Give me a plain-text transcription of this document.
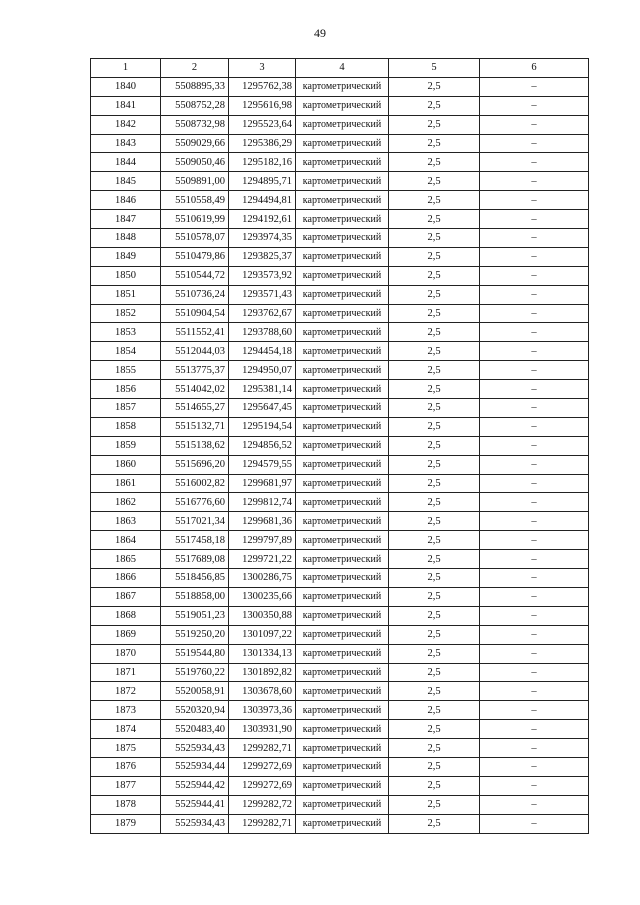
49
1	2	3	4	5	6
1840	5508895,33	1295762,38	картометрический	2,5	–
1841	5508752,28	1295616,98	картометрический	2,5	–
1842	5508732,98	1295523,64	картометрический	2,5	–
1843	5509029,66	1295386,29	картометрический	2,5	–
1844	5509050,46	1295182,16	картометрический	2,5	–
1845	5509891,00	1294895,71	картометрический	2,5	–
1846	5510558,49	1294494,81	картометрический	2,5	–
1847	5510619,99	1294192,61	картометрический	2,5	–
1848	5510578,07	1293974,35	картометрический	2,5	–
1849	5510479,86	1293825,37	картометрический	2,5	–
1850	5510544,72	1293573,92	картометрический	2,5	–
1851	5510736,24	1293571,43	картометрический	2,5	–
1852	5510904,54	1293762,67	картометрический	2,5	–
1853	5511552,41	1293788,60	картометрический	2,5	–
1854	5512044,03	1294454,18	картометрический	2,5	–
1855	5513775,37	1294950,07	картометрический	2,5	–
1856	5514042,02	1295381,14	картометрический	2,5	–
1857	5514655,27	1295647,45	картометрический	2,5	–
1858	5515132,71	1295194,54	картометрический	2,5	–
1859	5515138,62	1294856,52	картометрический	2,5	–
1860	5515696,20	1294579,55	картометрический	2,5	–
1861	5516002,82	1299681,97	картометрический	2,5	–
1862	5516776,60	1299812,74	картометрический	2,5	–
1863	5517021,34	1299681,36	картометрический	2,5	–
1864	5517458,18	1299797,89	картометрический	2,5	–
1865	5517689,08	1299721,22	картометрический	2,5	–
1866	5518456,85	1300286,75	картометрический	2,5	–
1867	5518858,00	1300235,66	картометрический	2,5	–
1868	5519051,23	1300350,88	картометрический	2,5	–
1869	5519250,20	1301097,22	картометрический	2,5	–
1870	5519544,80	1301334,13	картометрический	2,5	–
1871	5519760,22	1301892,82	картометрический	2,5	–
1872	5520058,91	1303678,60	картометрический	2,5	–
1873	5520320,94	1303973,36	картометрический	2,5	–
1874	5520483,40	1303931,90	картометрический	2,5	–
1875	5525934,43	1299282,71	картометрический	2,5	–
1876	5525934,44	1299272,69	картометрический	2,5	–
1877	5525944,42	1299272,69	картометрический	2,5	–
1878	5525944,41	1299282,72	картометрический	2,5	–
1879	5525934,43	1299282,71	картометрический	2,5	–
